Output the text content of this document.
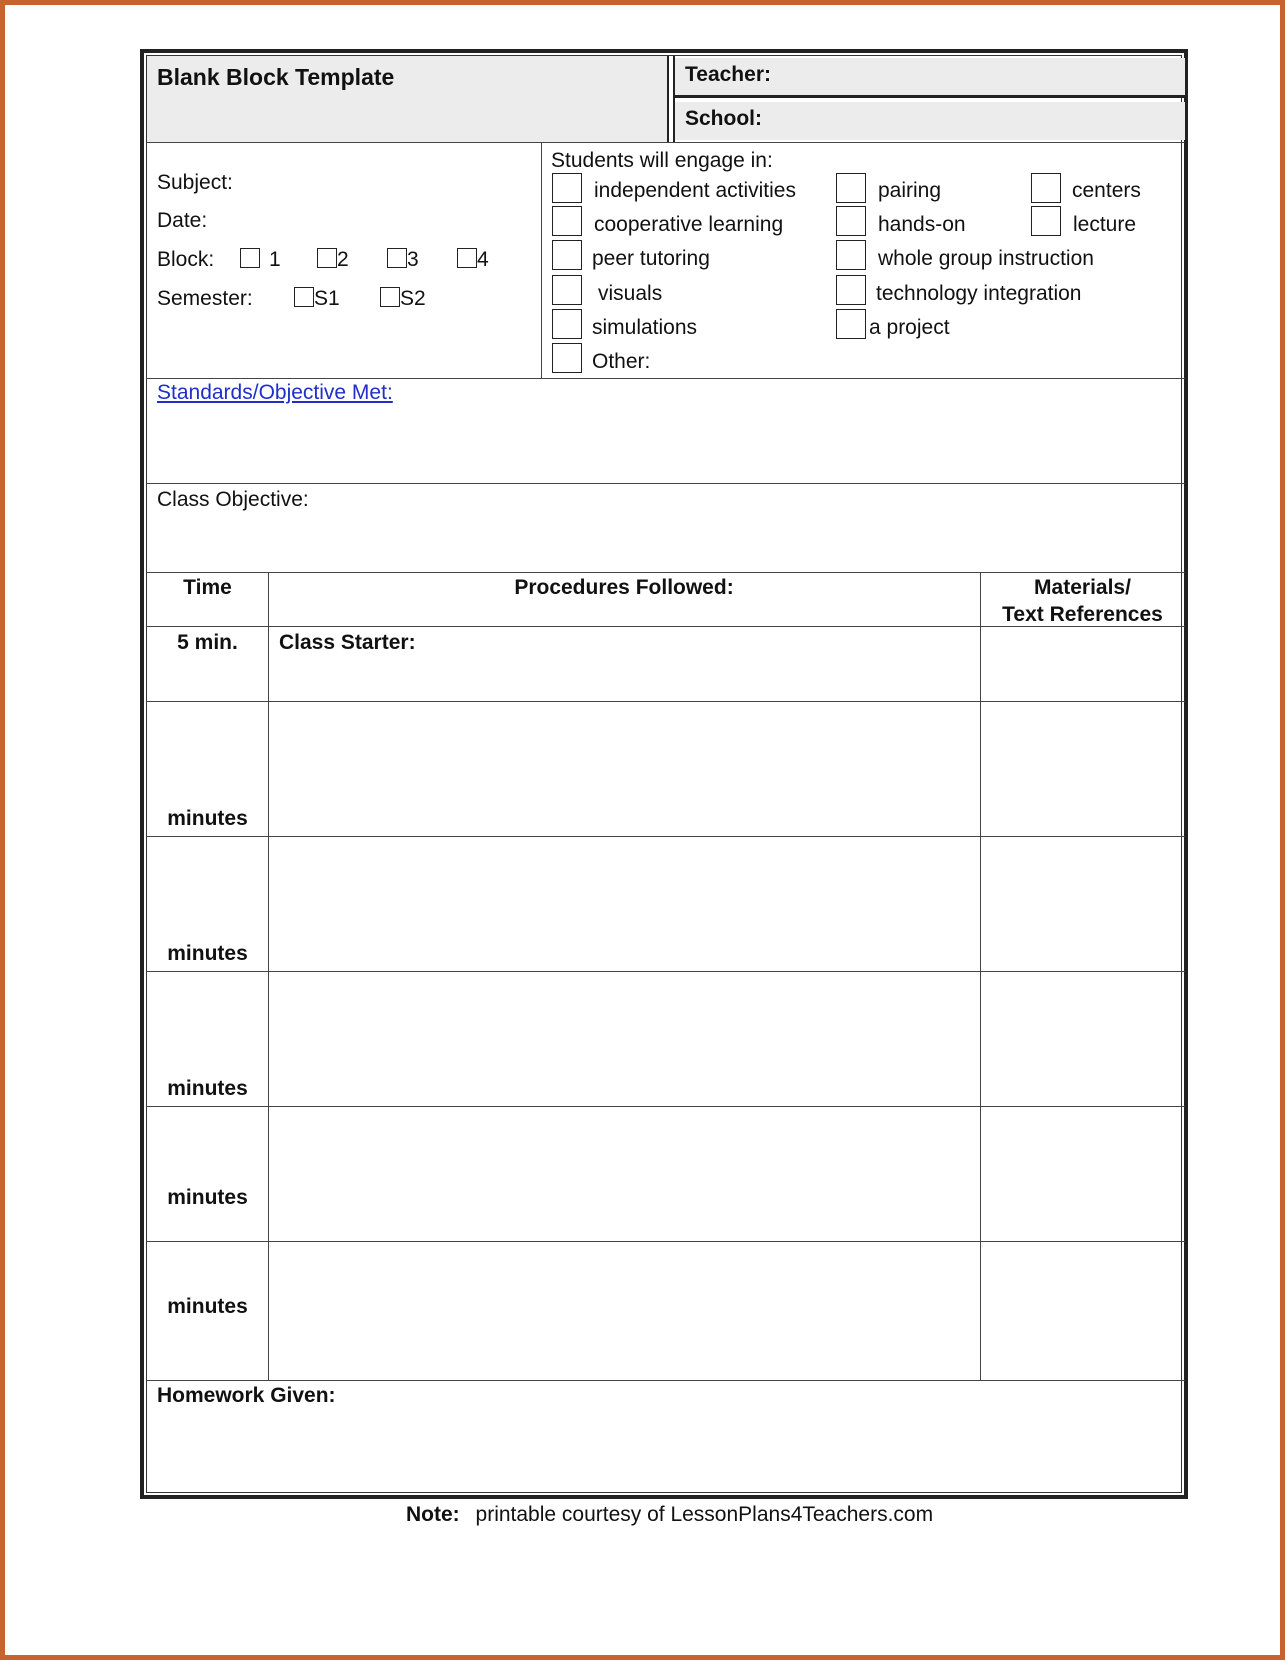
Blank Block Template	Teacher:
School:
Subject:
Date:
Block:	1	2	3	4
Semester:	S1	S2
Students will engage in:
independent activities
cooperative learning
peer tutoring
visuals
simulations
Other:
pairing
hands-on
whole group instruction
technology integration
a project
centers
lecture
Standards/Objective Met:
Class Objective:
Time	Procedures Followed:	Materials/
Text References
5 min.	Class Starter:
minutes
minutes
minutes
minutes
minutes
Homework Given:
Note: printable courtesy of LessonPlans4Teachers.com
